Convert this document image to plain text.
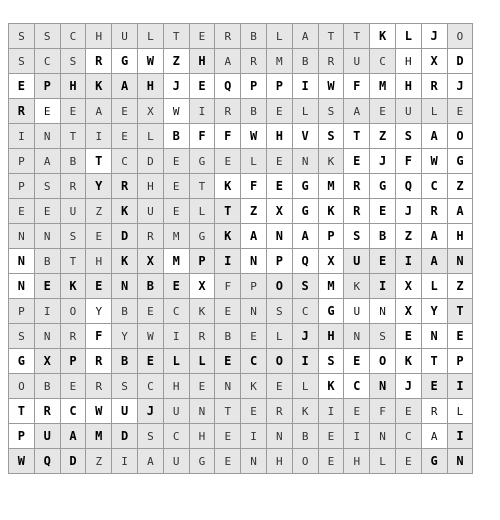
S	S	C	H	U	L	T	E	R	B	L	A	T	T	K	L	J	O
S	C	S	R	G	W	Z	H	A	R	M	B	R	U	C	H	X	D
E	P	H	K	A	H	J	E	Q	P	P	I	W	F	M	H	R	J
R	E	E	A	E	X	W	I	R	B	E	L	S	A	E	U	L	E
I	N	T	I	E	L	B	F	F	W	H	V	S	T	Z	S	A	O
P	A	B	T	C	D	E	G	E	L	E	N	K	E	J	F	W	G
P	S	R	Y	R	H	E	T	K	F	E	G	M	R	G	Q	C	Z
E	E	U	Z	K	U	E	L	T	Z	X	G	K	R	E	J	R	A
N	N	S	E	D	R	M	G	K	A	N	A	P	S	B	Z	A	H
N	B	T	H	K	X	M	P	I	N	P	Q	X	U	E	I	A	N
N	E	K	E	N	B	E	X	F	P	O	S	M	K	I	X	L	Z
P	I	O	Y	B	E	C	K	E	N	S	C	G	U	N	X	Y	T
S	N	R	F	Y	W	I	R	B	E	L	J	H	N	S	E	N	E
G	X	P	R	B	E	L	L	E	C	O	I	S	E	O	K	T	P
O	B	E	R	S	C	H	E	N	K	E	L	K	C	N	J	E	I
T	R	C	W	U	J	U	N	T	E	R	K	I	E	F	E	R	L
P	U	A	M	D	S	C	H	E	I	N	B	E	I	N	C	A	I
W	Q	D	Z	I	A	U	G	E	N	H	O	E	H	L	E	G	N
